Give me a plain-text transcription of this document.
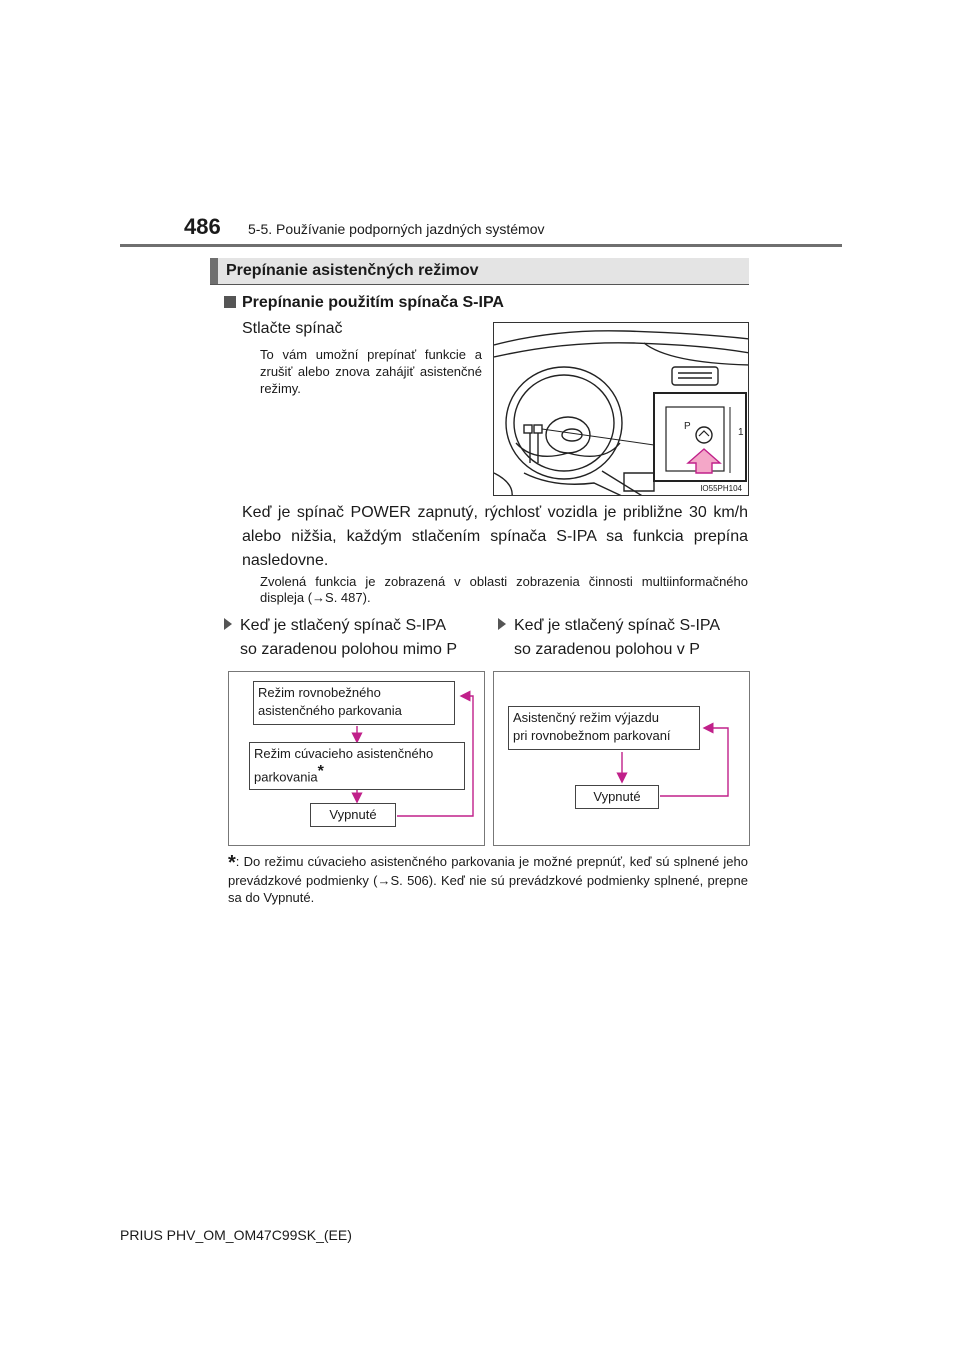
486 5-5. Používanie podporných jazdných systémov
Prepínanie asistenčných režimov
Prepínanie použitím spínača S-IPA
Stlačte spínač
To vám umožní prepínať funkcie a zrušiť alebo znova zahájiť asistenčné režimy.
P
1
IO55PH104
Keď je spínač POWER zapnutý, rýchlosť vozidla je približne 30 km/h alebo nižšia, každým stlačením spínača S-IPA sa funkcia prepína nasledovne.
Zvolená funkcia je zobrazená v oblasti zobrazenia činnosti multiinformačného displeja (→S. 487).
Keď je stlačený spínač S-IPA
so zaradenou polohou mimo P
Keď je stlačený spínač S-IPA
so zaradenou polohou v P
Režim rovnobežného
asistenčného parkovania
Režim cúvacieho asistenčného
parkovania*
Vypnuté
Asistenčný režim výjazdu
pri rovnobežnom parkovaní
Vypnuté
*: Do režimu cúvacieho asistenčného parkovania je možné prepnúť, keď sú splnené jeho prevádzkové podmienky (→S. 506). Keď nie sú prevádzkové podmienky splnené, prepne sa do Vypnuté.
PRIUS PHV_OM_OM47C99SK_(EE)
